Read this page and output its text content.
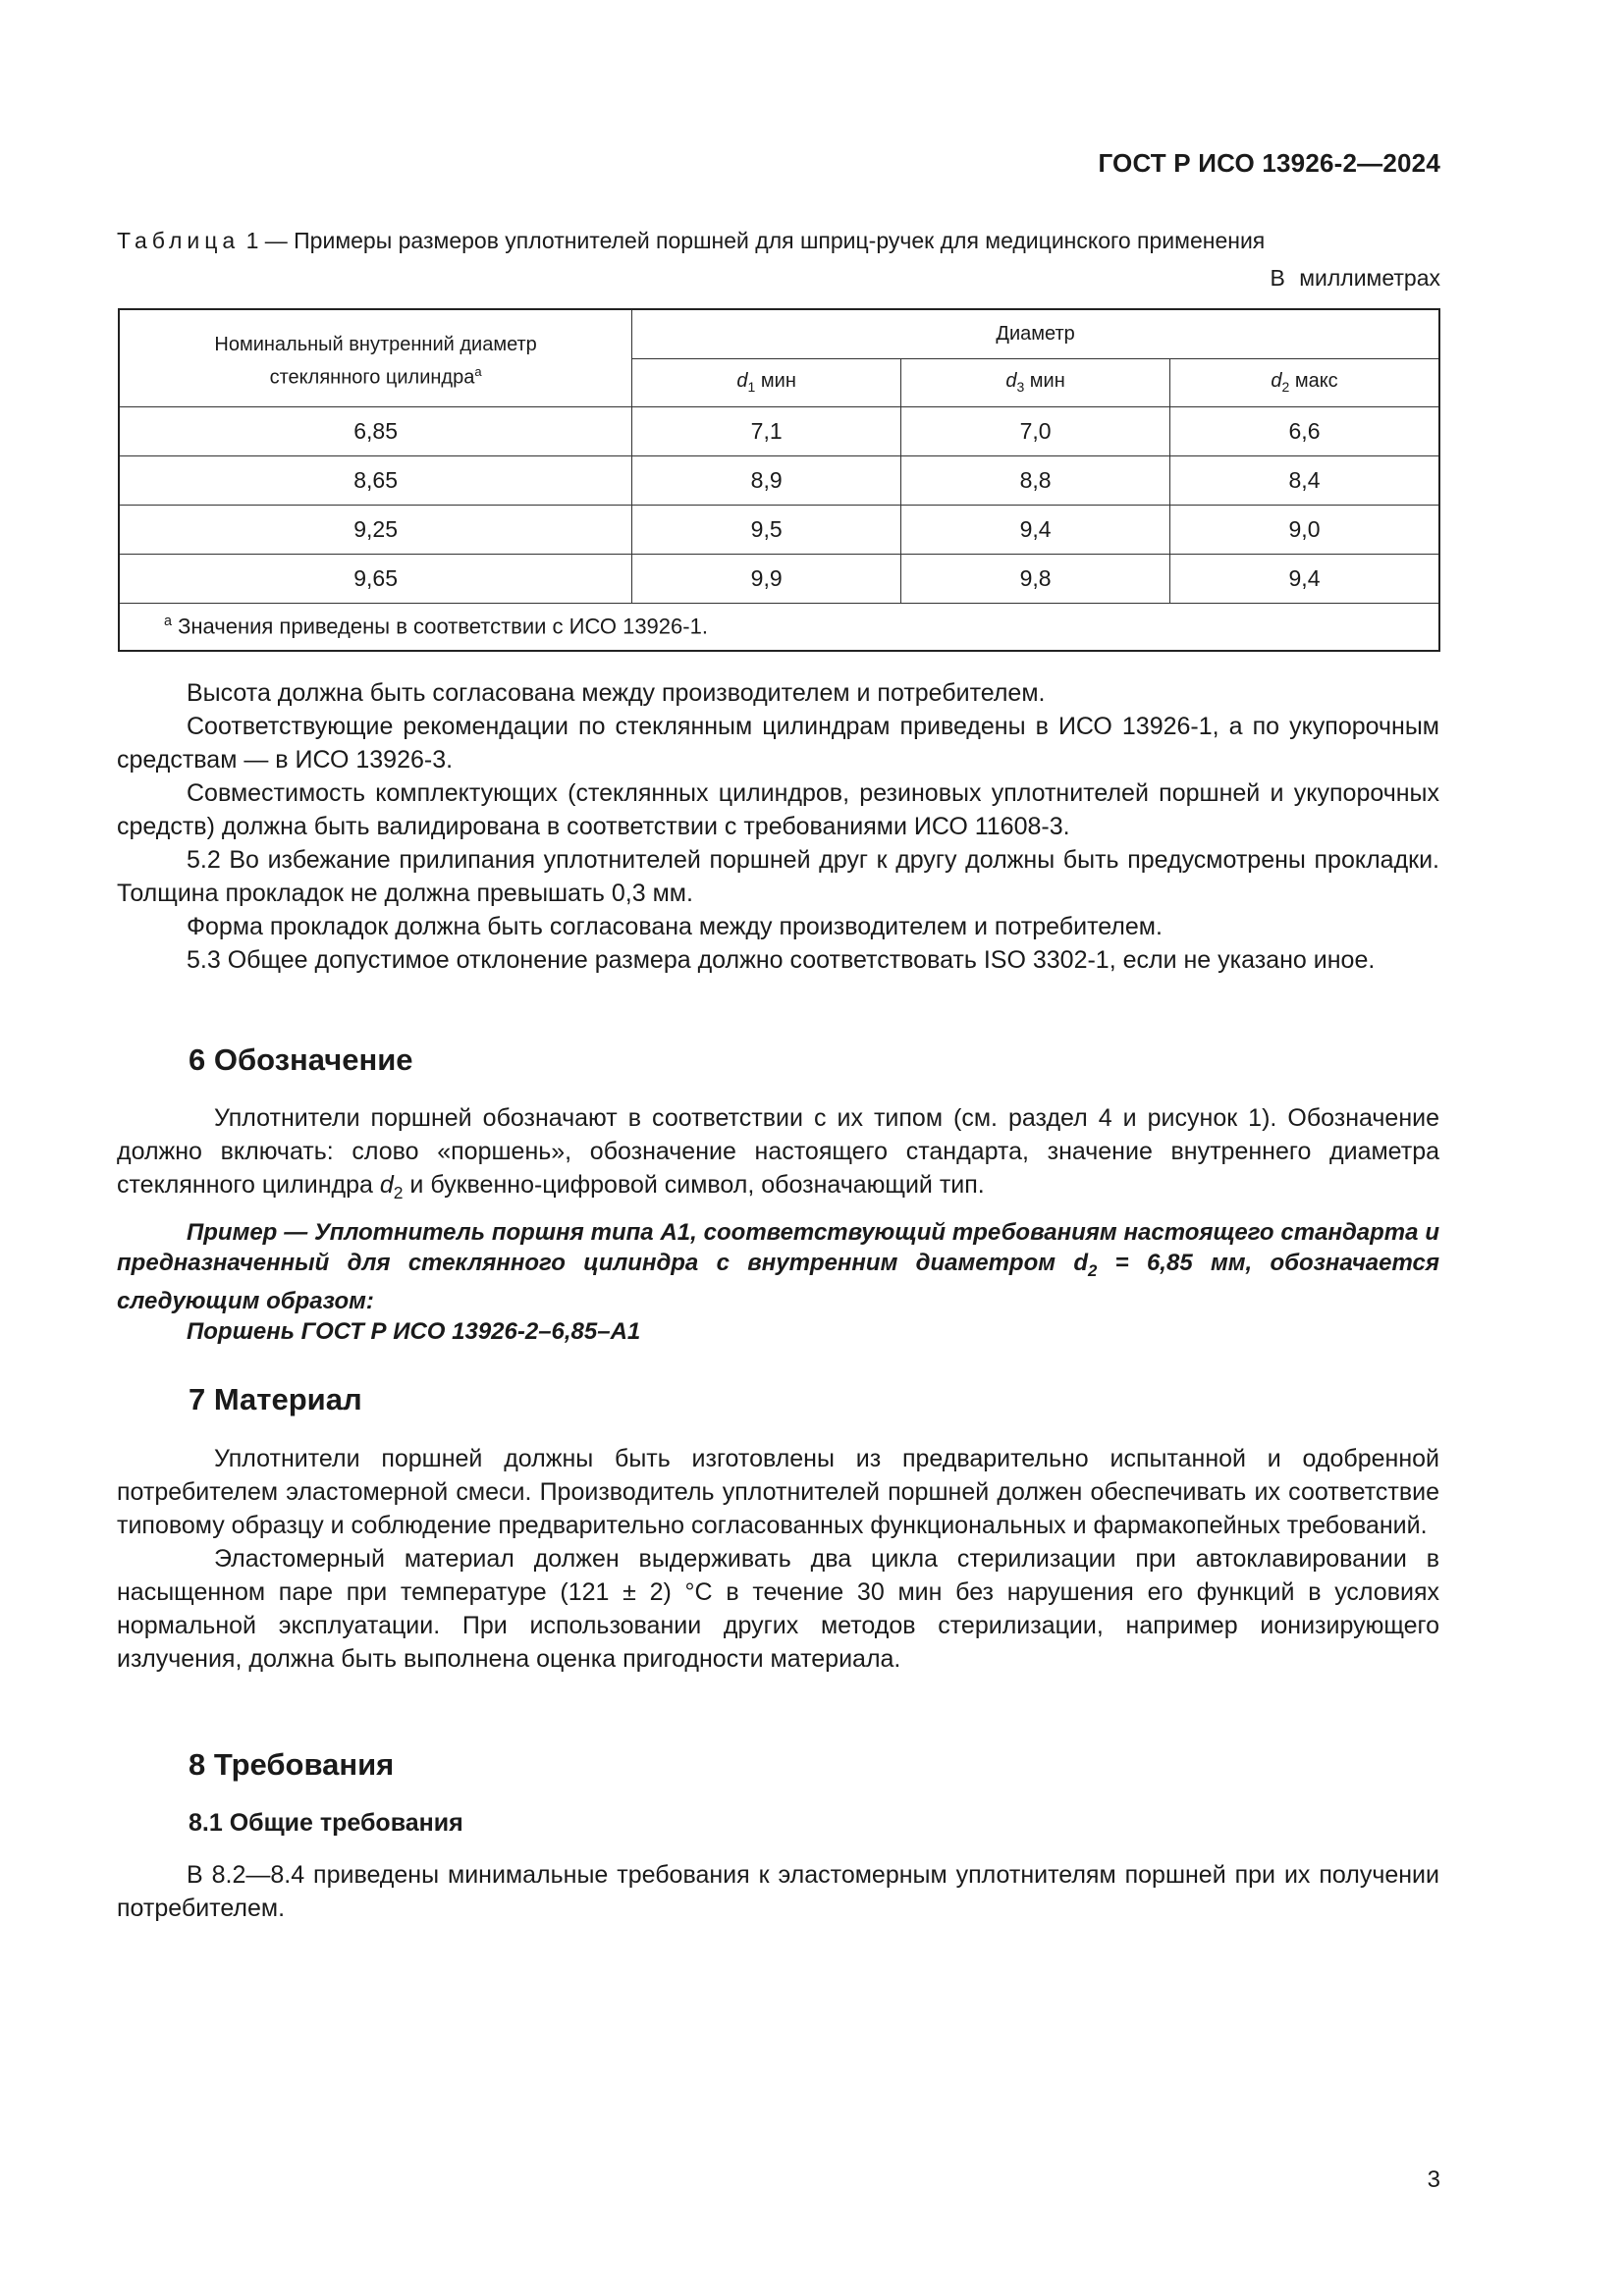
ГОСТ Р ИСО 13926-2—2024
Таблица 1 — Примеры размеров уплотнителей поршней для шприц-ручек для медицинского применения
В миллиметрах
Номинальный внутренний диаметр
стеклянного цилиндра$^a$	Диаметр		
	$d_1$ мин	$d_3$ мин	$d_2$ макс
6,85	7,1	7,0	6,6
8,65	8,9	8,8	8,4
9,25	9,5	9,4	9,0
9,65	9,9	9,8	9,4
$^a$ Значения приведены в соответствии с ИСО 13926-1.			

Высота должна быть согласована между производителем и потребителем.

Соответствующие рекомендации по стеклянным цилиндрам приведены в ИСО 13926-1, а по укупорочным средствам — в ИСО 13926-3.

Совместимость комплектующих (стеклянных цилиндров, резиновых уплотнителей поршней и укупорочных средств) должна быть валидирована в соответствии с требованиями ИСО 11608-3.

5.2 Во избежание прилипания уплотнителей поршней друг к другу должны быть предусмотрены прокладки. Толщина прокладок не должна превышать 0,3 мм.

Форма прокладок должна быть согласована между производителем и потребителем.

5.3 Общее допустимое отклонение размера должно соответствовать ISO 3302-1, если не указано иное.

6 Обозначение

Уплотнители поршней обозначают в соответствии с их типом (см. раздел 4 и рисунок 1). Обозначение должно включать: слово «поршень», обозначение настоящего стандарта, значение внутреннего диаметра стеклянного цилиндра $d_2$ и буквенно-цифровой символ, обозначающий тип.

Пример — Уплотнитель поршня типа А1, соответствующий требованиям настоящего стандарта и предназначенный для стеклянного цилиндра с внутренним диаметром $d_2 = 6,85$ мм, обозначается следующим образом:

Поршень ГОСТ Р ИСО 13926-2–6,85–А1

7 Материал

Уплотнители поршней должны быть изготовлены из предварительно испытанной и одобренной потребителем эластомерной смеси. Производитель уплотнителей поршней должен обеспечивать их соответствие типовому образцу и соблюдение предварительно согласованных функциональных и фармакопейных требований.

Эластомерный материал должен выдерживать два цикла стерилизации при автоклавировании в насыщенном паре при температуре (121 ± 2) °C в течение 30 мин без нарушения его функций в условиях нормальной эксплуатации. При использовании других методов стерилизации, например ионизирующего излучения, должна быть выполнена оценка пригодности материала.

8 Требования
8.1 Общие требования

В 8.2—8.4 приведены минимальные требования к эластомерным уплотнителям поршней при их получении потребителем.

3
